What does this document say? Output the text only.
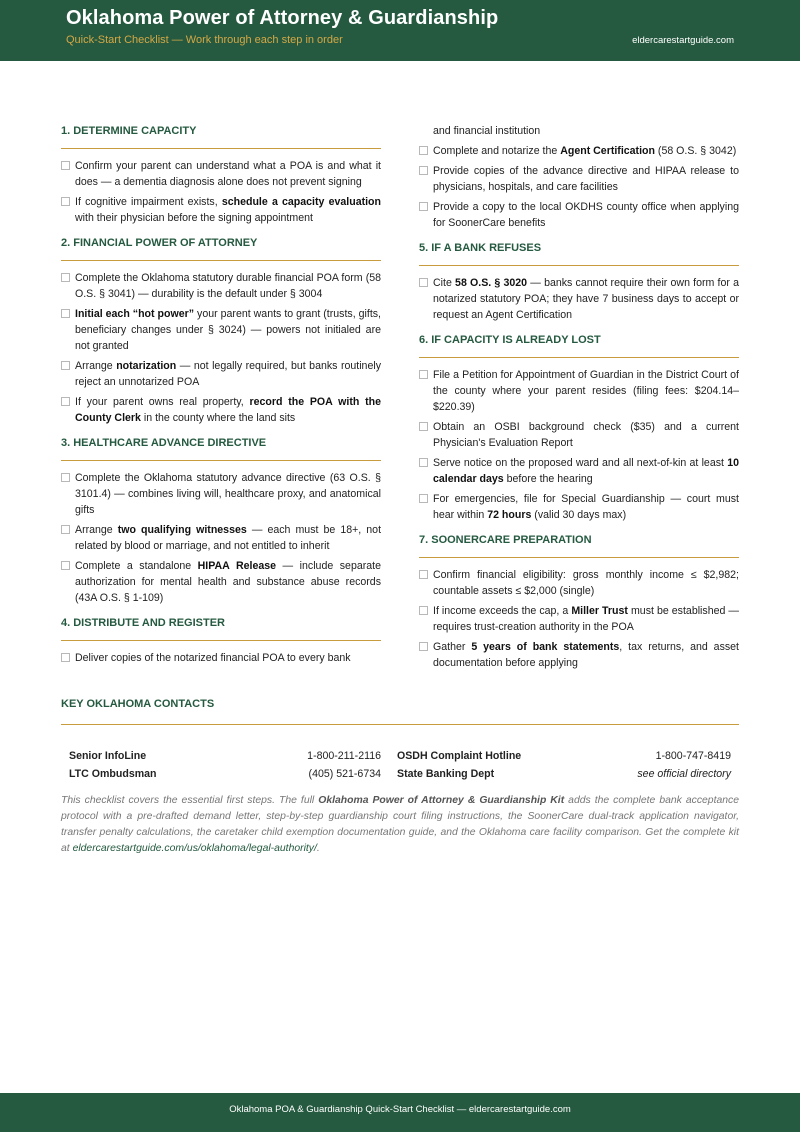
Oklahoma Power of Attorney & Guardianship
Quick-Start Checklist — Work through each step in order	eldercarestartguide.com
1. DETERMINE CAPACITY
Confirm your parent can understand what a POA is and what it does — a dementia diagnosis alone does not prevent signing
If cognitive impairment exists, schedule a capacity evaluation with their physician before the signing appointment
2. FINANCIAL POWER OF ATTORNEY
Complete the Oklahoma statutory durable financial POA form (58 O.S. § 3041) — durability is the default under § 3004
Initial each “hot power” your parent wants to grant (trusts, gifts, beneficiary changes under § 3024) — powers not initialed are not granted
Arrange notarization — not legally required, but banks routinely reject an unnotarized POA
If your parent owns real property, record the POA with the County Clerk in the county where the land sits
3. HEALTHCARE ADVANCE DIRECTIVE
Complete the Oklahoma statutory advance directive (63 O.S. § 3101.4) — combines living will, healthcare proxy, and anatomical gifts
Arrange two qualifying witnesses — each must be 18+, not related by blood or marriage, and not entitled to inherit
Complete a standalone HIPAA Release — include separate authorization for mental health and substance abuse records (43A O.S. § 1-109)
4. DISTRIBUTE AND REGISTER
Deliver copies of the notarized financial POA to every bank
and financial institution
Complete and notarize the Agent Certification (58 O.S. § 3042)
Provide copies of the advance directive and HIPAA release to physicians, hospitals, and care facilities
Provide a copy to the local OKDHS county office when applying for SoonerCare benefits
5. IF A BANK REFUSES
Cite 58 O.S. § 3020 — banks cannot require their own form for a notarized statutory POA; they have 7 business days to accept or request an Agent Certification
6. IF CAPACITY IS ALREADY LOST
File a Petition for Appointment of Guardian in the District Court of the county where your parent resides (filing fees: $204.14–$220.39)
Obtain an OSBI background check ($35) and a current Physician's Evaluation Report
Serve notice on the proposed ward and all next-of-kin at least 10 calendar days before the hearing
For emergencies, file for Special Guardianship — court must hear within 72 hours (valid 30 days max)
7. SOONERCARE PREPARATION
Confirm financial eligibility: gross monthly income ≤ $2,982; countable assets ≤ $2,000 (single)
If income exceeds the cap, a Miller Trust must be established — requires trust-creation authority in the POA
Gather 5 years of bank statements, tax returns, and asset documentation before applying
KEY OKLAHOMA CONTACTS
Senior InfoLine	1-800-211-2116 OSDH Complaint Hotline	1-800-747-8419
LTC Ombudsman	(405) 521-6734 State Banking Dept	see official directory
This checklist covers the essential first steps. The full Oklahoma Power of Attorney & Guardianship Kit adds the complete bank acceptance protocol with a pre-drafted demand letter, step-by-step guardianship court filing instructions, the SoonerCare dual-track application navigator, transfer penalty calculations, the caretaker child exemption documentation guide, and the Oklahoma care facility comparison. Get the complete kit at eldercarestartguide.com/us/oklahoma/legal-authority/.
Oklahoma POA & Guardianship Quick-Start Checklist — eldercarestartguide.com
